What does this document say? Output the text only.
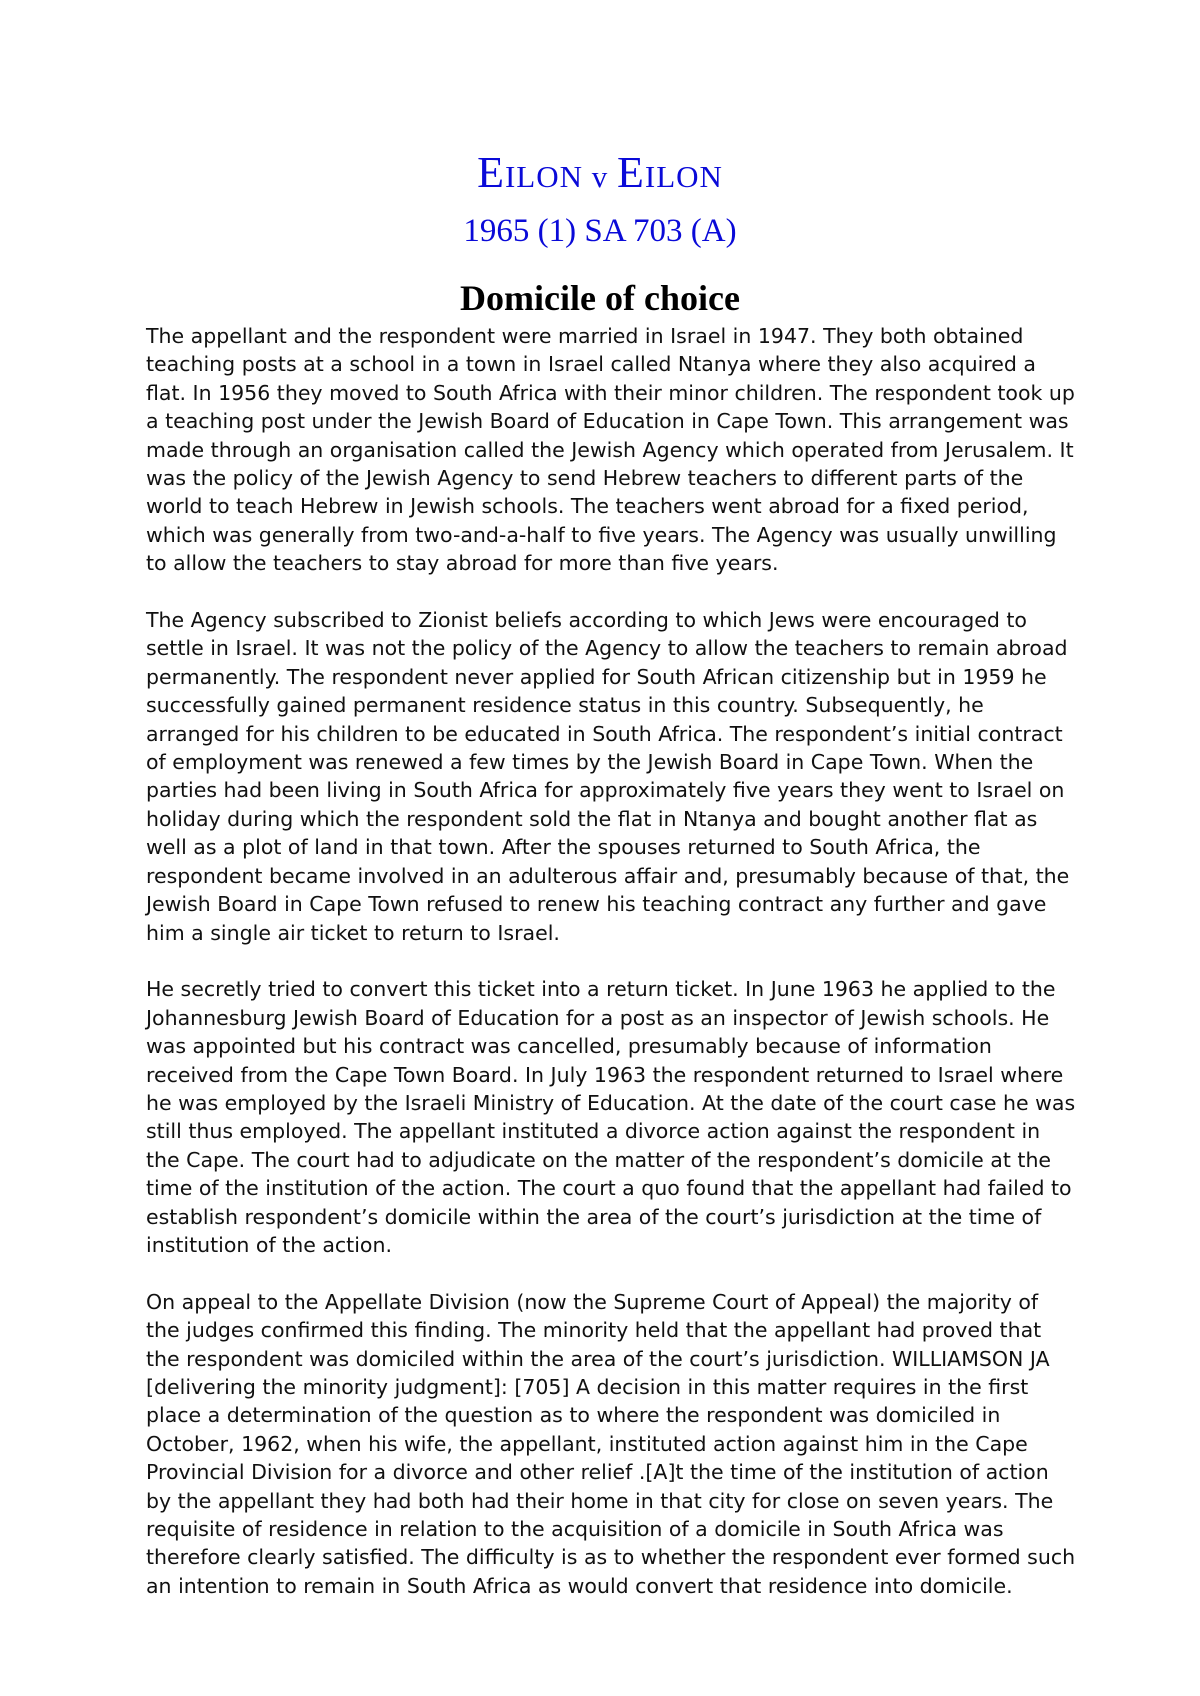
EILON v EILON
1965 (1) SA 703 (A)
Domicile of choice

The appellant and the respondent were married in Israel in 1947. They both obtained teaching posts at a school in a town in Israel called Ntanya where they also acquired a flat. In 1956 they moved to South Africa with their minor children. The respondent took up a teaching post under the Jewish Board of Education in Cape Town. This arrangement was made through an organisation called the Jewish Agency which operated from Jerusalem. It was the policy of the Jewish Agency to send Hebrew teachers to different parts of the world to teach Hebrew in Jewish schools. The teachers went abroad for a fixed period, which was generally from two-and-a-half to five years. The Agency was usually unwilling to allow the teachers to stay abroad for more than five years.

The Agency subscribed to Zionist beliefs according to which Jews were encouraged to settle in Israel. It was not the policy of the Agency to allow the teachers to remain abroad permanently. The respondent never applied for South African citizenship but in 1959 he successfully gained permanent residence status in this country. Subsequently, he arranged for his children to be educated in South Africa. The respondent’s initial contract of employment was renewed a few times by the Jewish Board in Cape Town. When the parties had been living in South Africa for approximately five years they went to Israel on holiday during which the respondent sold the flat in Ntanya and bought another flat as well as a plot of land in that town. After the spouses returned to South Africa, the respondent became involved in an adulterous affair and, presumably because of that, the Jewish Board in Cape Town refused to renew his teaching contract any further and gave him a single air ticket to return to Israel.

He secretly tried to convert this ticket into a return ticket. In June 1963 he applied to the Johannesburg Jewish Board of Education for a post as an inspector of Jewish schools. He was appointed but his contract was cancelled, presumably because of information received from the Cape Town Board. In July 1963 the respondent returned to Israel where he was employed by the Israeli Ministry of Education. At the date of the court case he was still thus employed. The appellant instituted a divorce action against the respondent in the Cape. The court had to adjudicate on the matter of the respondent’s domicile at the time of the institution of the action. The court a quo found that the appellant had failed to establish respondent’s domicile within the area of the court’s jurisdiction at the time of institution of the action.

On appeal to the Appellate Division (now the Supreme Court of Appeal) the majority of the judges confirmed this finding. The minority held that the appellant had proved that the respondent was domiciled within the area of the court’s jurisdiction. WILLIAMSON JA [delivering the minority judgment]: [705] A decision in this matter requires in the first place a determination of the question as to where the respondent was domiciled in October, 1962, when his wife, the appellant, instituted action against him in the Cape Provincial Division for a divorce and other relief .[A]t the time of the institution of action by the appellant they had both had their home in that city for close on seven years. The requisite of residence in relation to the acquisition of a domicile in South Africa was therefore clearly satisfied. The difficulty is as to whether the respondent ever formed such an intention to remain in South Africa as would convert that residence into domicile.
